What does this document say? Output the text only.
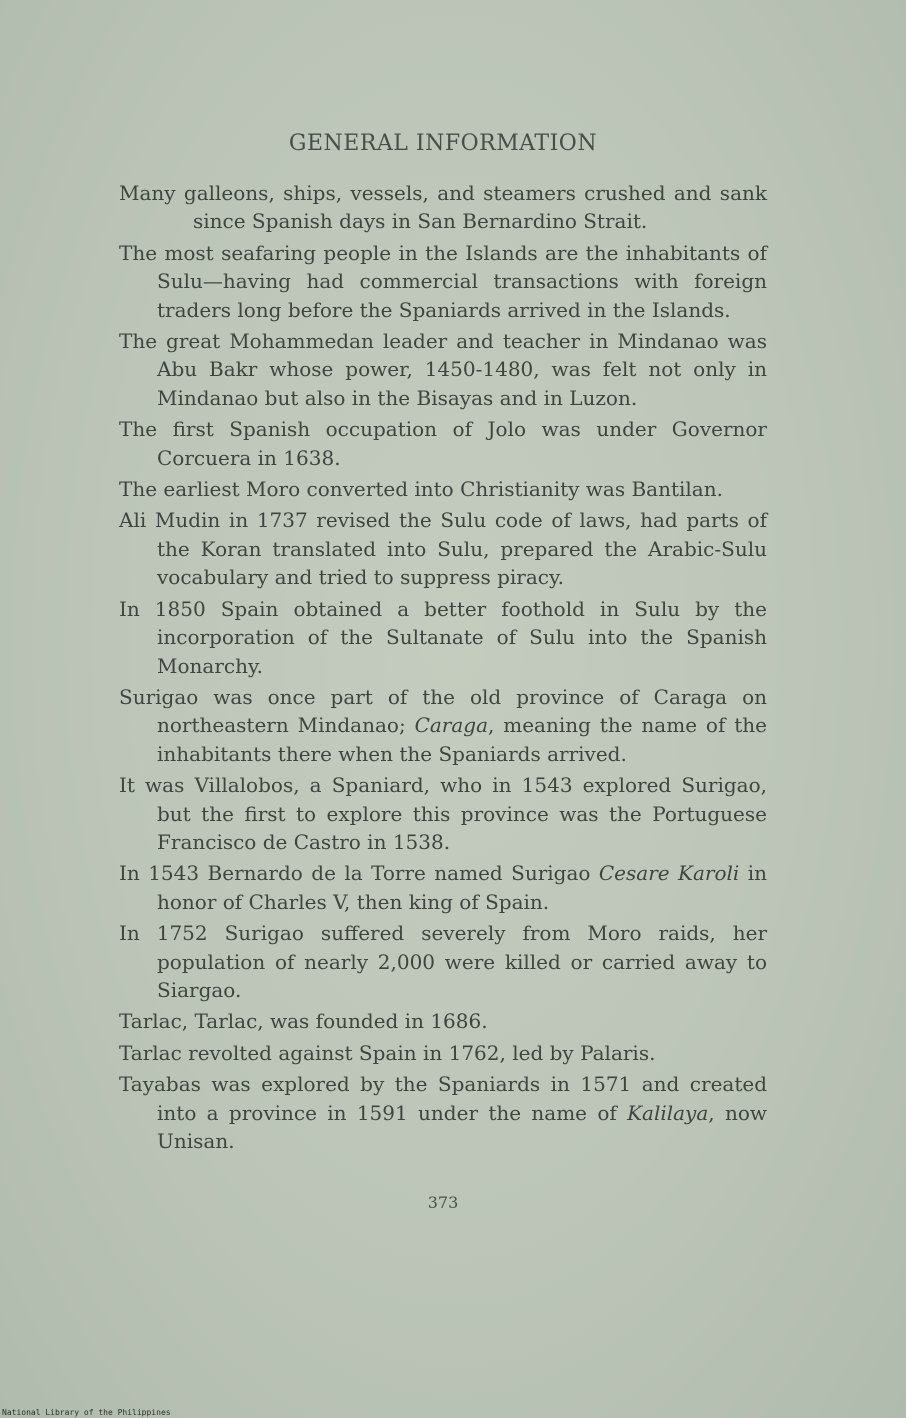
GENERAL INFORMATION

Many galleons, ships, vessels, and steamers crushed and sank since Spanish days in San Bernardino Strait.

The most seafaring people in the Islands are the inhabitants of Sulu—having had commercial transactions with foreign traders long before the Spaniards arrived in the Islands.

The great Mohammedan leader and teacher in Mindanao was Abu Bakr whose power, 1450-1480, was felt not only in Mindanao but also in the Bisayas and in Luzon.

The first Spanish occupation of Jolo was under Governor Corcuera in 1638.

The earliest Moro converted into Christianity was Bantilan.

Ali Mudin in 1737 revised the Sulu code of laws, had parts of the Koran translated into Sulu, prepared the Arabic-Sulu vocabulary and tried to suppress piracy.

In 1850 Spain obtained a better foothold in Sulu by the incorporation of the Sultanate of Sulu into the Spanish Monarchy.

Surigao was once part of the old province of Caraga on northeastern Mindanao; Caraga, meaning the name of the inhabitants there when the Spaniards arrived.

It was Villalobos, a Spaniard, who in 1543 explored Surigao, but the first to explore this province was the Portuguese Francisco de Castro in 1538.

In 1543 Bernardo de la Torre named Surigao Cesare Karoli in honor of Charles V, then king of Spain.

In 1752 Surigao suffered severely from Moro raids, her population of nearly 2,000 were killed or carried away to Siargao.

Tarlac, Tarlac, was founded in 1686.

Tarlac revolted against Spain in 1762, led by Palaris.

Tayabas was explored by the Spaniards in 1571 and created into a province in 1591 under the name of Kalilaya, now Unisan.

373
National Library of the Philippines
